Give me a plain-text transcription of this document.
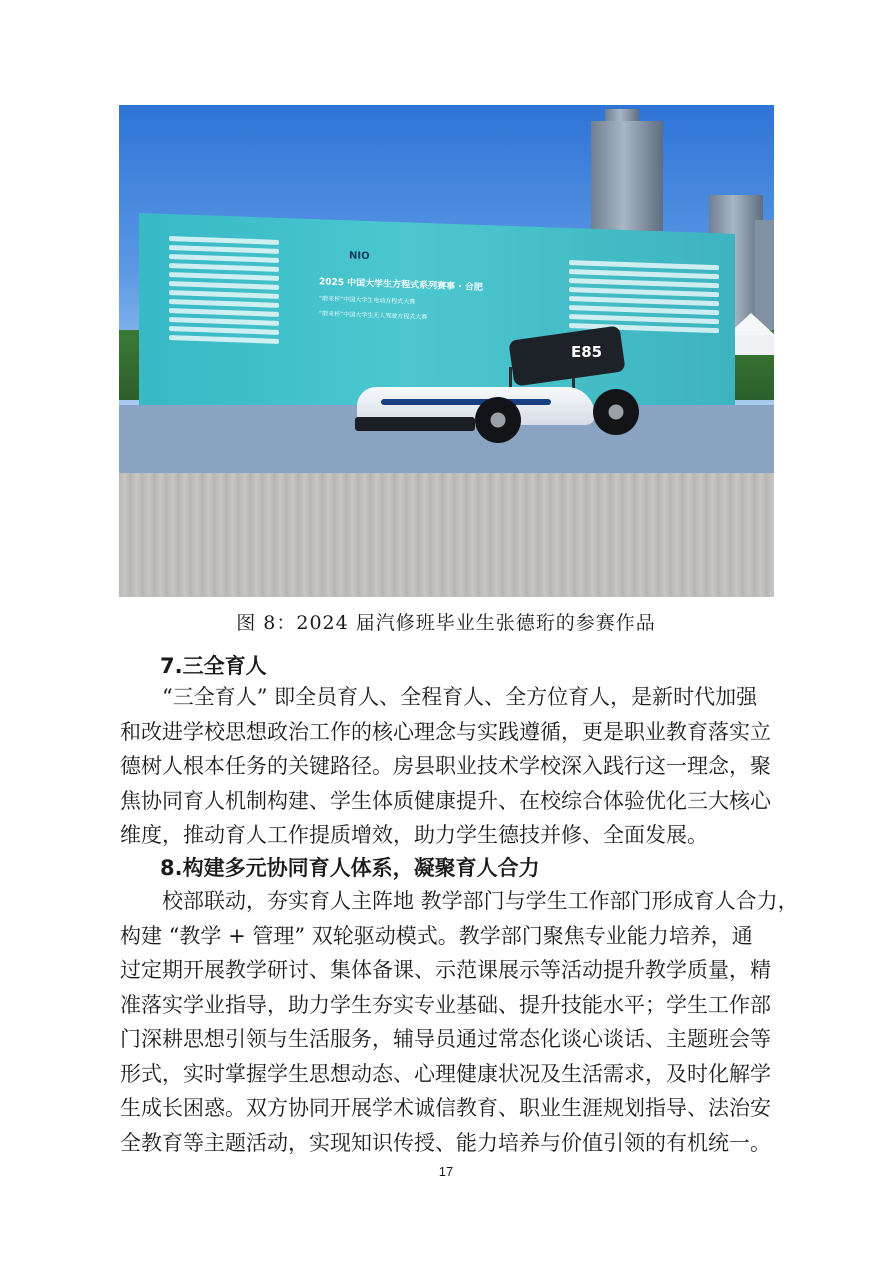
NIO
2025 中国大学生方程式系列赛事 · 合肥
“蔚来杯”中国大学生电动方程式大赛
“蔚来杯”中国大学生无人驾驶方程式大赛
E85
图 8：2024 届汽修班毕业生张德珩的参赛作品
7.三全育人
“三全育人” 即全员育人、全程育人、全方位育人，是新时代加强
和改进学校思想政治工作的核心理念与实践遵循，更是职业教育落实立
德树人根本任务的关键路径。房县职业技术学校深入践行这一理念，聚
焦协同育人机制构建、学生体质健康提升、在校综合体验优化三大核心
维度，推动育人工作提质增效，助力学生德技并修、全面发展。
8.构建多元协同育人体系，凝聚育人合力
校部联动，夯实育人主阵地 教学部门与学生工作部门形成育人合力，
构建 “教学 + 管理” 双轮驱动模式。教学部门聚焦专业能力培养，通
过定期开展教学研讨、集体备课、示范课展示等活动提升教学质量，精
准落实学业指导，助力学生夯实专业基础、提升技能水平；学生工作部
门深耕思想引领与生活服务，辅导员通过常态化谈心谈话、主题班会等
形式，实时掌握学生思想动态、心理健康状况及生活需求，及时化解学
生成长困惑。双方协同开展学术诚信教育、职业生涯规划指导、法治安
全教育等主题活动，实现知识传授、能力培养与价值引领的有机统一。
17
